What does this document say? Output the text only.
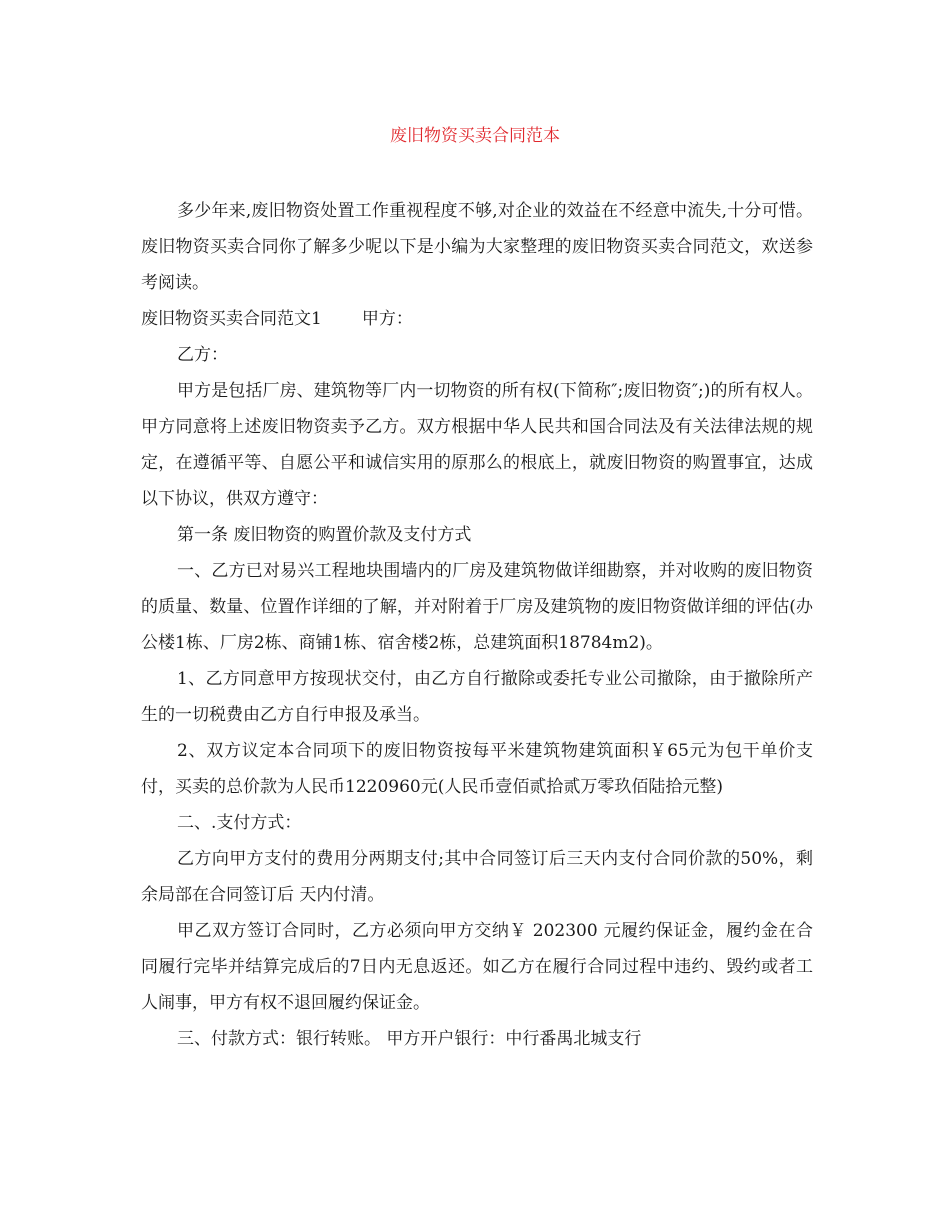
废旧物资买卖合同范本

多少年来,废旧物资处置工作重视程度不够,对企业的效益在不经意中流失,十分可惜。废旧物资买卖合同你了解多少呢以下是小编为大家整理的废旧物资买卖合同范文，欢送参考阅读。

废旧物资买卖合同范文1 甲方：

乙方：

甲方是包括厂房、建筑物等厂内一切物资的所有权(下简称″;废旧物资″;)的所有权人。甲方同意将上述废旧物资卖予乙方。双方根据中华人民共和国合同法及有关法律法规的规定，在遵循平等、自愿公平和诚信实用的原那么的根底上，就废旧物资的购置事宜，达成以下协议，供双方遵守：

第一条 废旧物资的购置价款及支付方式

一、乙方已对易兴工程地块围墙内的厂房及建筑物做详细勘察，并对收购的废旧物资的质量、数量、位置作详细的了解，并对附着于厂房及建筑物的废旧物资做详细的评估(办公楼1栋、厂房2栋、商铺1栋、宿舍楼2栋，总建筑面积18784m2)。

1、乙方同意甲方按现状交付，由乙方自行撤除或委托专业公司撤除，由于撤除所产生的一切税费由乙方自行申报及承当。

2、双方议定本合同项下的废旧物资按每平米建筑物建筑面积￥65元为包干单价支付，买卖的总价款为人民币1220960元(人民币壹佰贰拾贰万零玖佰陆拾元整)

二、.支付方式：

乙方向甲方支付的费用分两期支付;其中合同签订后三天内支付合同价款的50%，剩余局部在合同签订后 天内付清。

甲乙双方签订合同时，乙方必须向甲方交纳￥ 202300 元履约保证金，履约金在合同履行完毕并结算完成后的7日内无息返还。如乙方在履行合同过程中违约、毁约或者工人闹事，甲方有权不退回履约保证金。

三、付款方式：银行转账。 甲方开户银行：中行番禺北城支行
